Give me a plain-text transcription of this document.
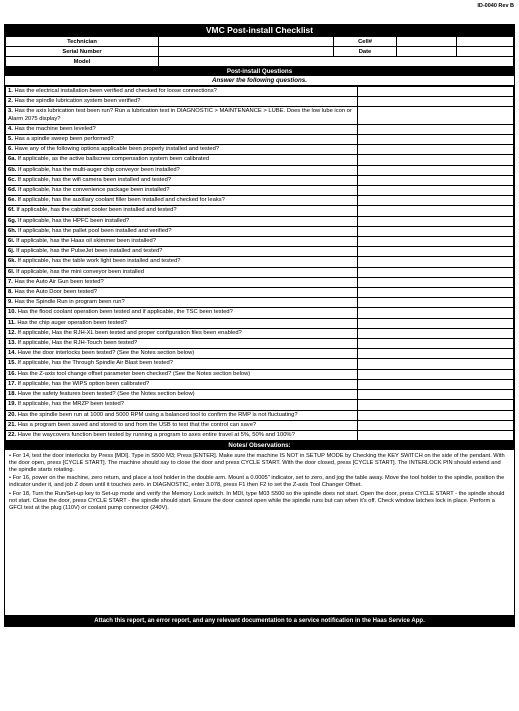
ID-0040 Rev B
VMC Post-install Checklist
Technician		Cell#		
Serial Number		Date		
Model				
Post-install Questions
Answer the following questions.
1. Has the electrical installation been verified and checked for loose connections?	
2. Has the spindle lubrication system been verified?	
3. Has the axis lubrication test been run? Run a lubrication test in DIAGNOSTIC > MAINTENANCE > LUBE. Does the low lube icon or Alarm 2075 display?	
4. Has the machine been leveled?	
5. Has a spindle sweep been performed?	
6. Have any of the following options applicable been properly installed and tested?	
6a. If applicable, as the active ballscrew compensation system been calibrated	
6b. If applicable, has the multi-auger chip conveyor been installed?	
6c. If applicable, has the wifi camera been installed and tested?	
6d. If applicable, has the convenience package been installed?	
6e. If applicable, has the auxiliary coolant filler been installed and checked for leaks?	
6f. If applicable, has the cabinet cooler been installed and tested?	
6g. If applicable, has the HPFC been installed?	
6h. If applicable, has the pallet pool been installed and verified?	
6i. If applicable, has the Haas oil skimmer been installed?	
6j. If applicable, has the PulseJet been installed and tested?	
6k. If applicable, has the table work light been installed and tested?	
6l. If applicable, has the mini conveyor been installed	
7. Has the Auto Air Gun been tested?	
8. Has the Auto Door been tested?	
9. Has the Spindle Run in program been run?	
10. Has the flood coolant operation been tested and if applicable, the TSC been tested?	
11. Has the chip auger operation been tested?	
12. If applicable, Has the RJH-XL been tested and proper configuration files been enabled?	
13. If applicable, Has the RJH-Touch been tested?	
14. Have the door interlocks been tested? (See the Notes section below)	
15. If applicable, has the Through Spindle Air Blast been tested?	
16. Has the Z-axis tool change offset parameter been checked? (See the Notes section below)	
17. If applicable, has the WIPS option been calibrated?	
18. Have the safety features been tested? (See the Notes section below)	
19. If applicable, has the MRZP been tested?	
20. Has the spindle been run at 1000 and 5000 RPM using a balanced tool to confirm the RMP is not fluctuating?	
21. Has a program been saved and stored to and from the USB to test that the control can save?	
22. Have the waycovers function been tested by running a program to axes entire travel at 5%, 50% and 100%?	
Notes/ Observations:
• For 14, test the door interlocks by Press [MDI]. Type in S500 M3; Press [ENTER]. Make sure the machine IS NOT in SETUP MODE by Checking the KEY SWITCH on the side of the pendant. With the door open, press [CYCLE START]. The machine should say to close the door and press CYCLE START. With the door closed, press [CYCLE START]. The INTERLOCK PIN should extend and the spindle starts rotating.
• For 16, power on the machine, zero return, and place a tool holder in the double arm. Mount a 0.0005" indicator, set to zero, and jog the table away. Move the tool holder to the spindle, position the indicator under it, and job Z down until it touches zero. in DIAGNOSTIC, enter 3.078, press F1 then F2 to set the Z-axis Tool Changer Offset.
• For 18, Turn the Run/Set-up key to Set-up mode and verify the Memory Lock switch. In MDI, type M03 S500 so the spindle does not start. Open the door, press CYCLE START - the spindle should not start. Close the door, press CYCLE START - the spindle should start. Ensure the door cannot open while the spindle runs but can when it's off. Check window latches lock in place. Perform a GFCI test at the plug (110V) or coolant pump connector (240V).
Attach this report, an error report, and any relevant documentation to a service notification in the Haas Service App.
